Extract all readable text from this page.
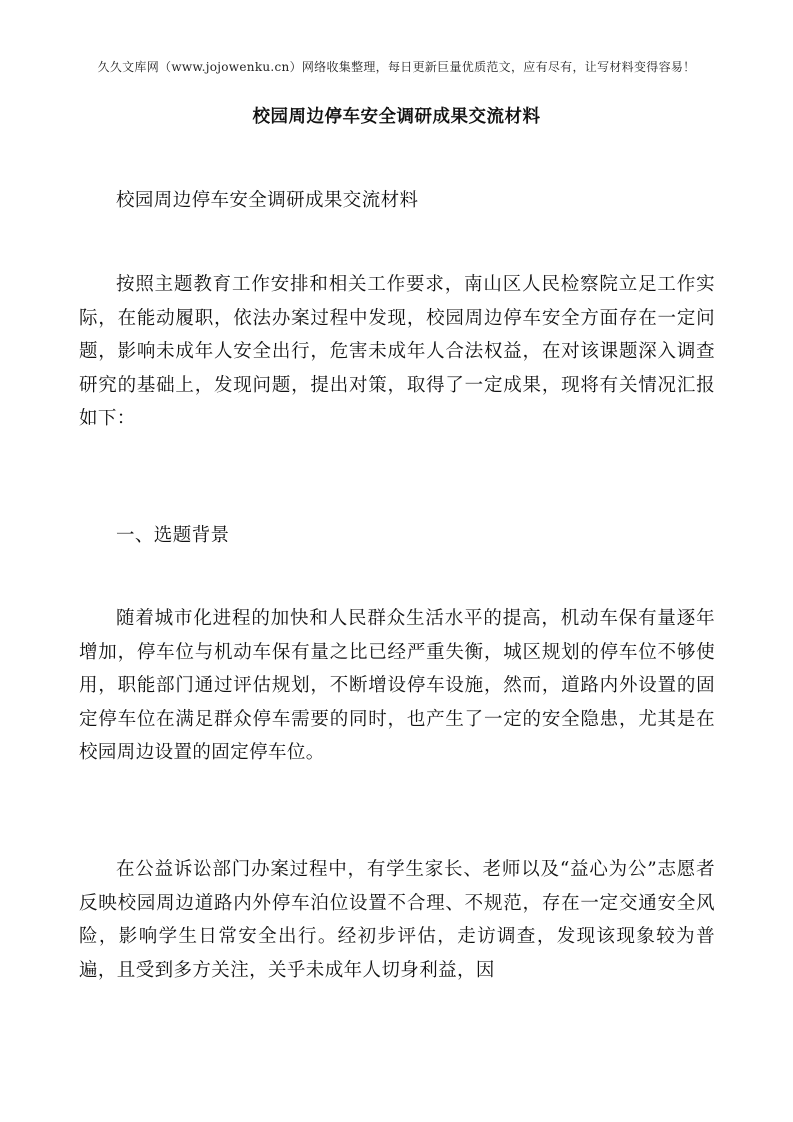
久久文库网（www.jojowenku.cn）网络收集整理，每日更新巨量优质范文，应有尽有，让写材料变得容易！
校园周边停车安全调研成果交流材料

校园周边停车安全调研成果交流材料

按照主题教育工作安排和相关工作要求，南山区人民检察院立足工作实际，在能动履职，依法办案过程中发现，校园周边停车安全方面存在一定问题，影响未成年人安全出行，危害未成年人合法权益，在对该课题深入调查研究的基础上，发现问题，提出对策，取得了一定成果，现将有关情况汇报如下：

一、选题背景

随着城市化进程的加快和人民群众生活水平的提高，机动车保有量逐年增加，停车位与机动车保有量之比已经严重失衡，城区规划的停车位不够使用，职能部门通过评估规划，不断增设停车设施，然而，道路内外设置的固定停车位在满足群众停车需要的同时，也产生了一定的安全隐患，尤其是在校园周边设置的固定停车位。

在公益诉讼部门办案过程中，有学生家长、老师以及“益心为公”志愿者反映校园周边道路内外停车泊位设置不合理、不规范，存在一定交通安全风险，影响学生日常安全出行。经初步评估，走访调查，发现该现象较为普遍，且受到多方关注，关乎未成年人切身利益，因
